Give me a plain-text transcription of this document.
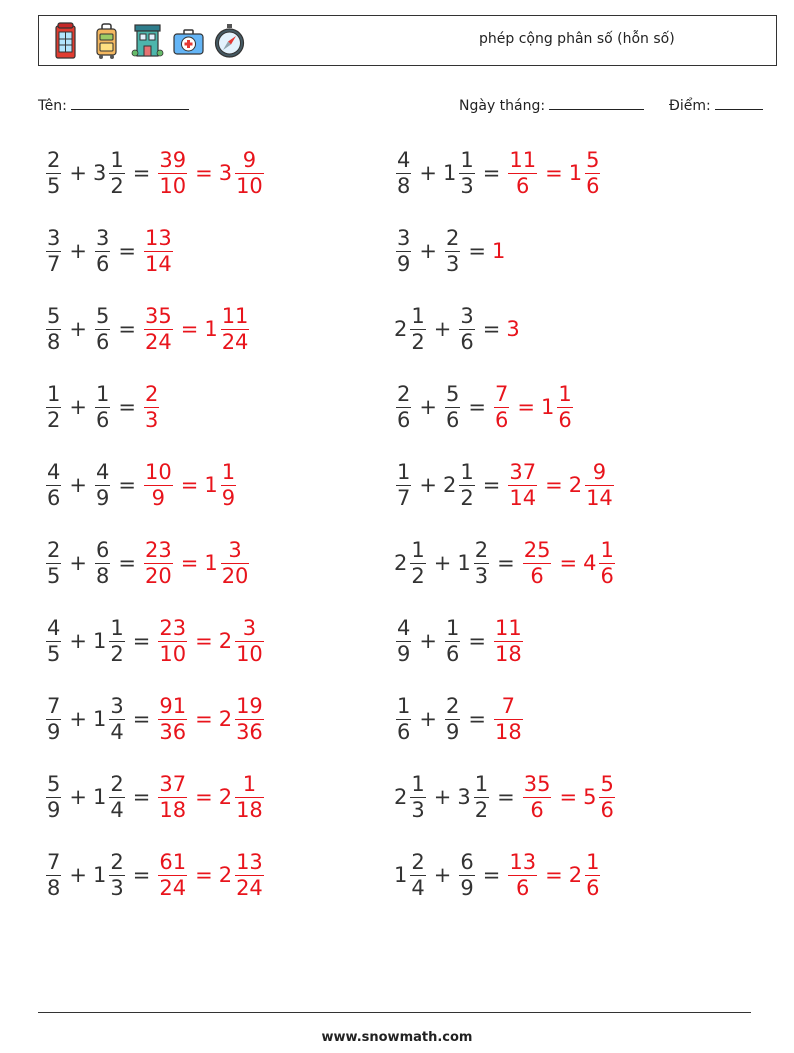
phép cộng phân số (hỗn số)
Tên:	Ngày tháng:	Điểm:
$\frac{2}{5} + 3 \frac{1}{2} = \frac{39}{10} = 3 \frac{9}{10}$	$\frac{4}{8} + 1 \frac{1}{3} = \frac{11}{6} = 1 \frac{5}{6}$
$\frac{3}{7} + \frac{3}{6} = \frac{13}{14}$	$\frac{3}{9} + \frac{2}{3} = 1$
$\frac{5}{8} + \frac{5}{6} = \frac{35}{24} = 1 \frac{11}{24}$	$2 \frac{1}{2} + \frac{3}{6} = 3$
$\frac{1}{2} + \frac{1}{6} = \frac{2}{3}$	$\frac{2}{6} + \frac{5}{6} = \frac{7}{6} = 1 \frac{1}{6}$
$\frac{4}{6} + \frac{4}{9} = \frac{10}{9} = 1 \frac{1}{9}$	$\frac{1}{7} + 2 \frac{1}{2} = \frac{37}{14} = 2 \frac{9}{14}$
$\frac{2}{5} + \frac{6}{8} = \frac{23}{20} = 1 \frac{3}{20}$	$2 \frac{1}{2} + 1 \frac{2}{3} = \frac{25}{6} = 4 \frac{1}{6}$
$\frac{4}{5} + 1 \frac{1}{2} = \frac{23}{10} = 2 \frac{3}{10}$	$\frac{4}{9} + \frac{1}{6} = \frac{11}{18}$
$\frac{7}{9} + 1 \frac{3}{4} = \frac{91}{36} = 2 \frac{19}{36}$	$\frac{1}{6} + \frac{2}{9} = \frac{7}{18}$
$\frac{5}{9} + 1 \frac{2}{4} = \frac{37}{18} = 2 \frac{1}{18}$	$2 \frac{1}{3} + 3 \frac{1}{2} = \frac{35}{6} = 5 \frac{5}{6}$
$\frac{7}{8} + 1 \frac{2}{3} = \frac{61}{24} = 2 \frac{13}{24}$	$1 \frac{2}{4} + \frac{6}{9} = \frac{13}{6} = 2 \frac{1}{6}$
www.snowmath.com
